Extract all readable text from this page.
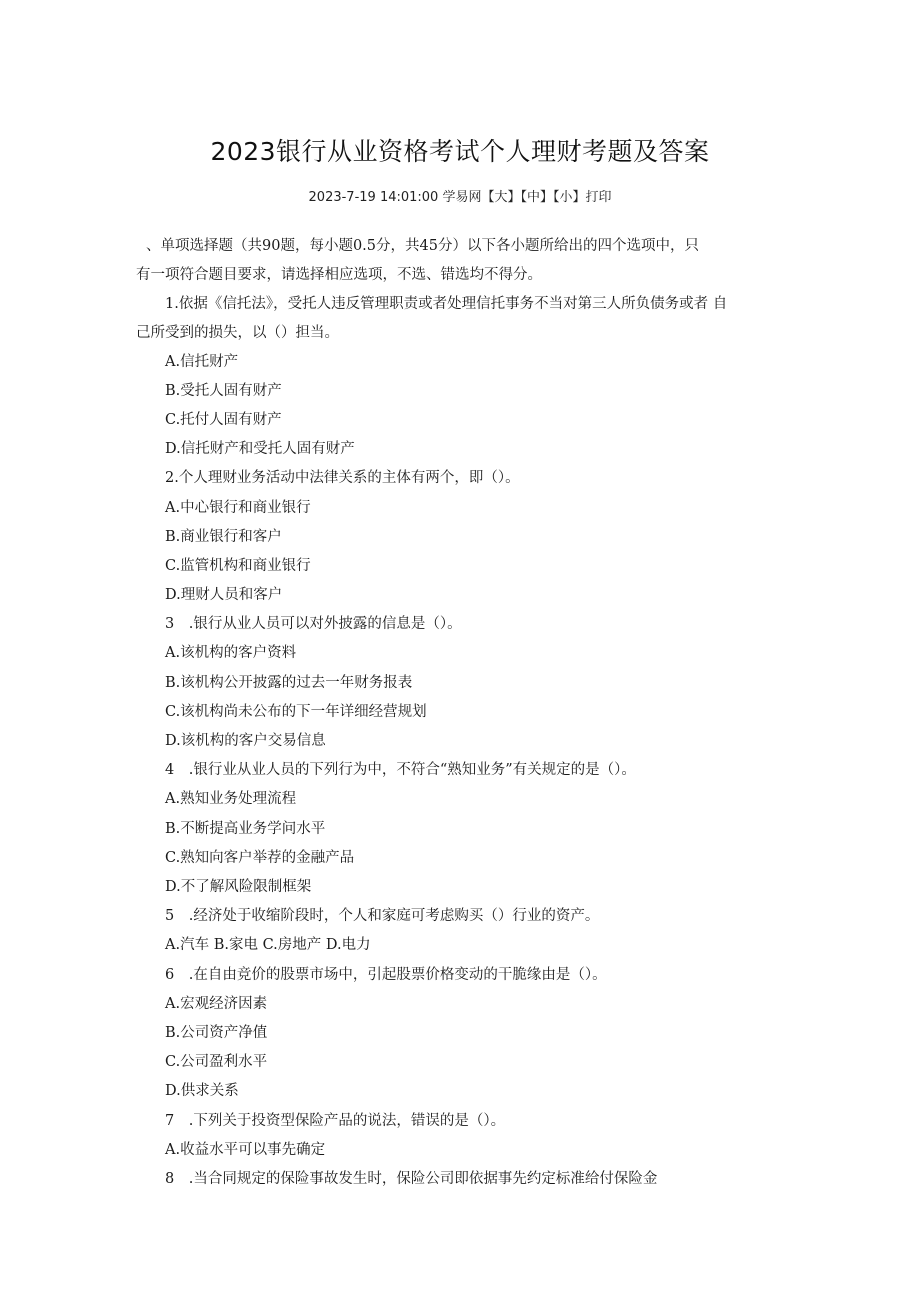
2023银行从业资格考试个人理财考题及答案
2023-7-19 14:01:00 学易网【大】【中】【小】打印
、单项选择题（共90题，每小题0.5分，共45分）以下各小题所给出的四个选项中，只
有一项符合题目要求，请选择相应选项，不选、错选均不得分。
1.依据《信托法》，受托人违反管理职责或者处理信托事务不当对第三人所负债务或者 自
己所受到的损失，以（）担当。
A.信托财产
B.受托人固有财产
C.托付人固有财产
D.信托财产和受托人固有财产
2.个人理财业务活动中法律关系的主体有两个，即（）。
A.中心银行和商业银行
B.商业银行和客户
C.监管机构和商业银行
D.理财人员和客户
3　.银行从业人员可以对外披露的信息是（）。
A.该机构的客户资料
B.该机构公开披露的过去一年财务报表
C.该机构尚未公布的下一年详细经营规划
D.该机构的客户交易信息
4　.银行业从业人员的下列行为中，不符合“熟知业务”有关规定的是（）。
A.熟知业务处理流程
B.不断提高业务学问水平
C.熟知向客户举荐的金融产品
D.不了解风险限制框架
5　.经济处于收缩阶段时，个人和家庭可考虑购买（）行业的资产。
A.汽车 B.家电 C.房地产 D.电力
6　.在自由竞价的股票市场中，引起股票价格变动的干脆缘由是（）。
A.宏观经济因素
B.公司资产净值
C.公司盈利水平
D.供求关系
7　.下列关于投资型保险产品的说法，错误的是（）。
A.收益水平可以事先确定
8　.当合同规定的保险事故发生时，保险公司即依据事先约定标准给付保险金
